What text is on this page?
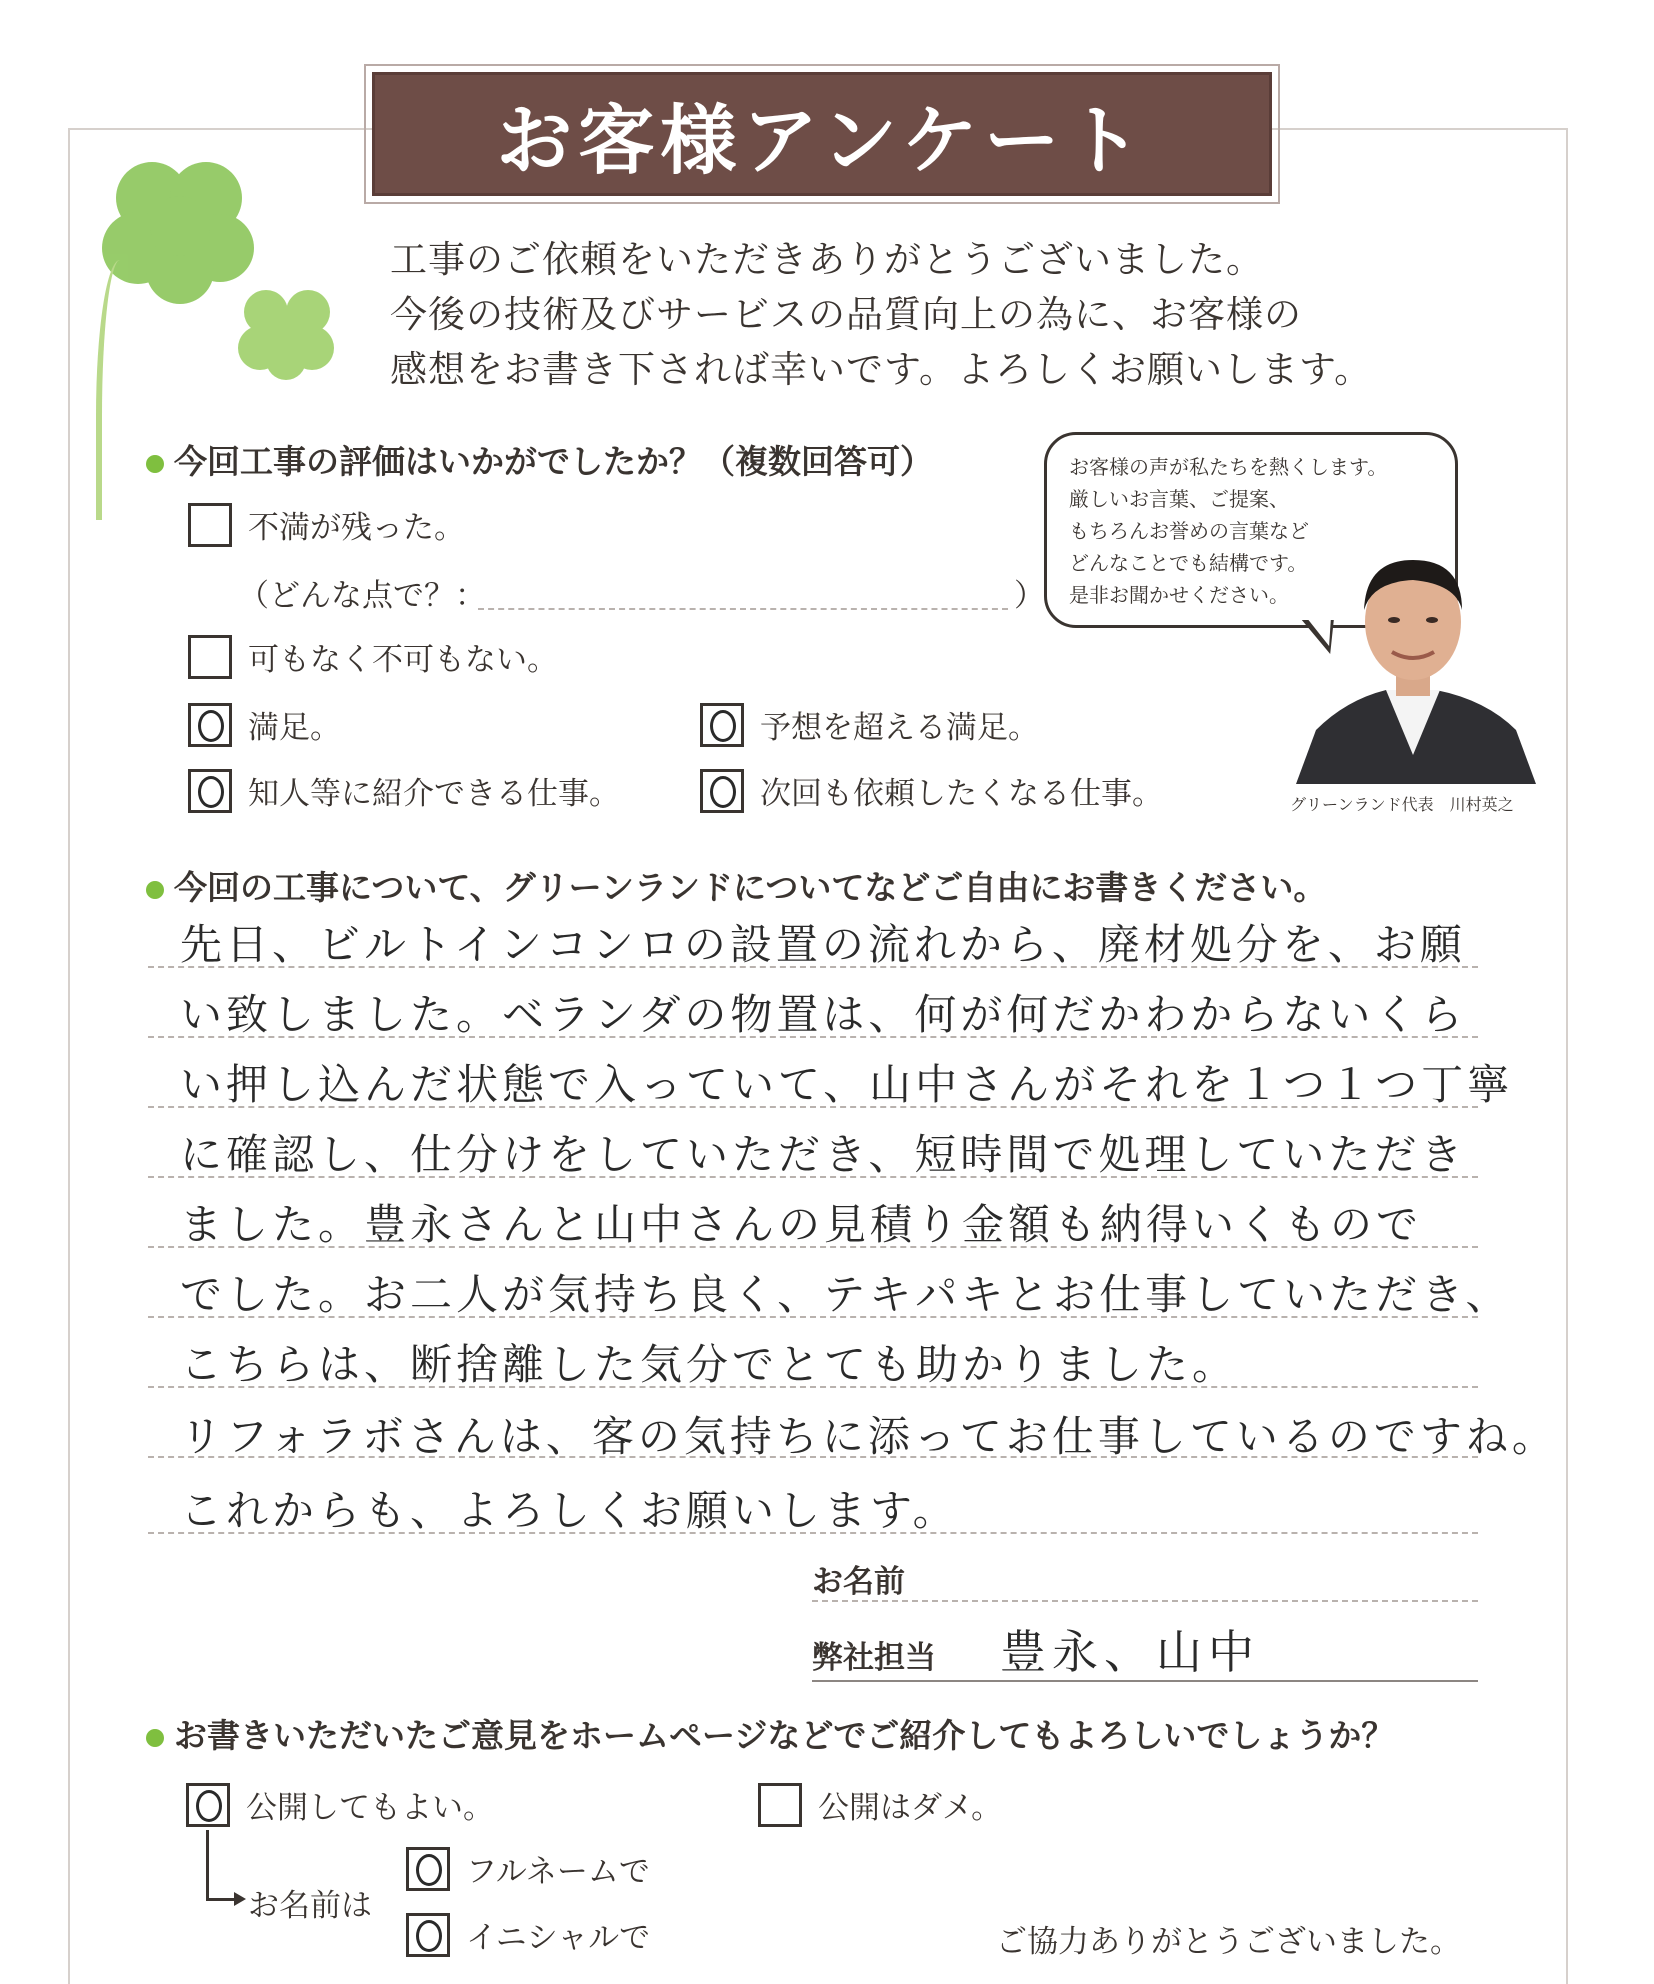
お客様アンケート
工事のご依頼をいただきありがとうございました。
今後の技術及びサービスの品質向上の為に、お客様の
感想をお書き下されば幸いです。よろしくお願いします。
今回工事の評価はいかがでしたか？（複数回答可）
不満が残った。
（どんな点で？：	）
可もなく不可もない。
満足。	予想を超える満足。
知人等に紹介できる仕事。	次回も依頼したくなる仕事。
お客様の声が私たちを熱くします。
厳しいお言葉、ご提案、
もちろんお誉めの言葉など
どんなことでも結構です。
是非お聞かせください。
グリーンランド代表　川村英之
今回の工事について、グリーンランドについてなどご自由にお書きください。
先日、ビルトインコンロの設置の流れから、廃材処分を、お願
い致しました。ベランダの物置は、何が何だかわからないくら
い押し込んだ状態で入っていて、山中さんがそれを１つ１つ丁寧
に確認し、仕分けをしていただき、短時間で処理していただき
ました。豊永さんと山中さんの見積り金額も納得いくもので
でした。お二人が気持ち良く、テキパキとお仕事していただき、
こちらは、断捨離した気分でとても助かりました。
リフォラボさんは、客の気持ちに添ってお仕事しているのですね。
これからも、よろしくお願いします。
お名前
弊社担当 豊永、山中
お書きいただいたご意見をホームページなどでご紹介してもよろしいでしょうか？
公開してもよい。	公開はダメ。
お名前は
フルネームで
イニシャルで	ご協力ありがとうございました。
